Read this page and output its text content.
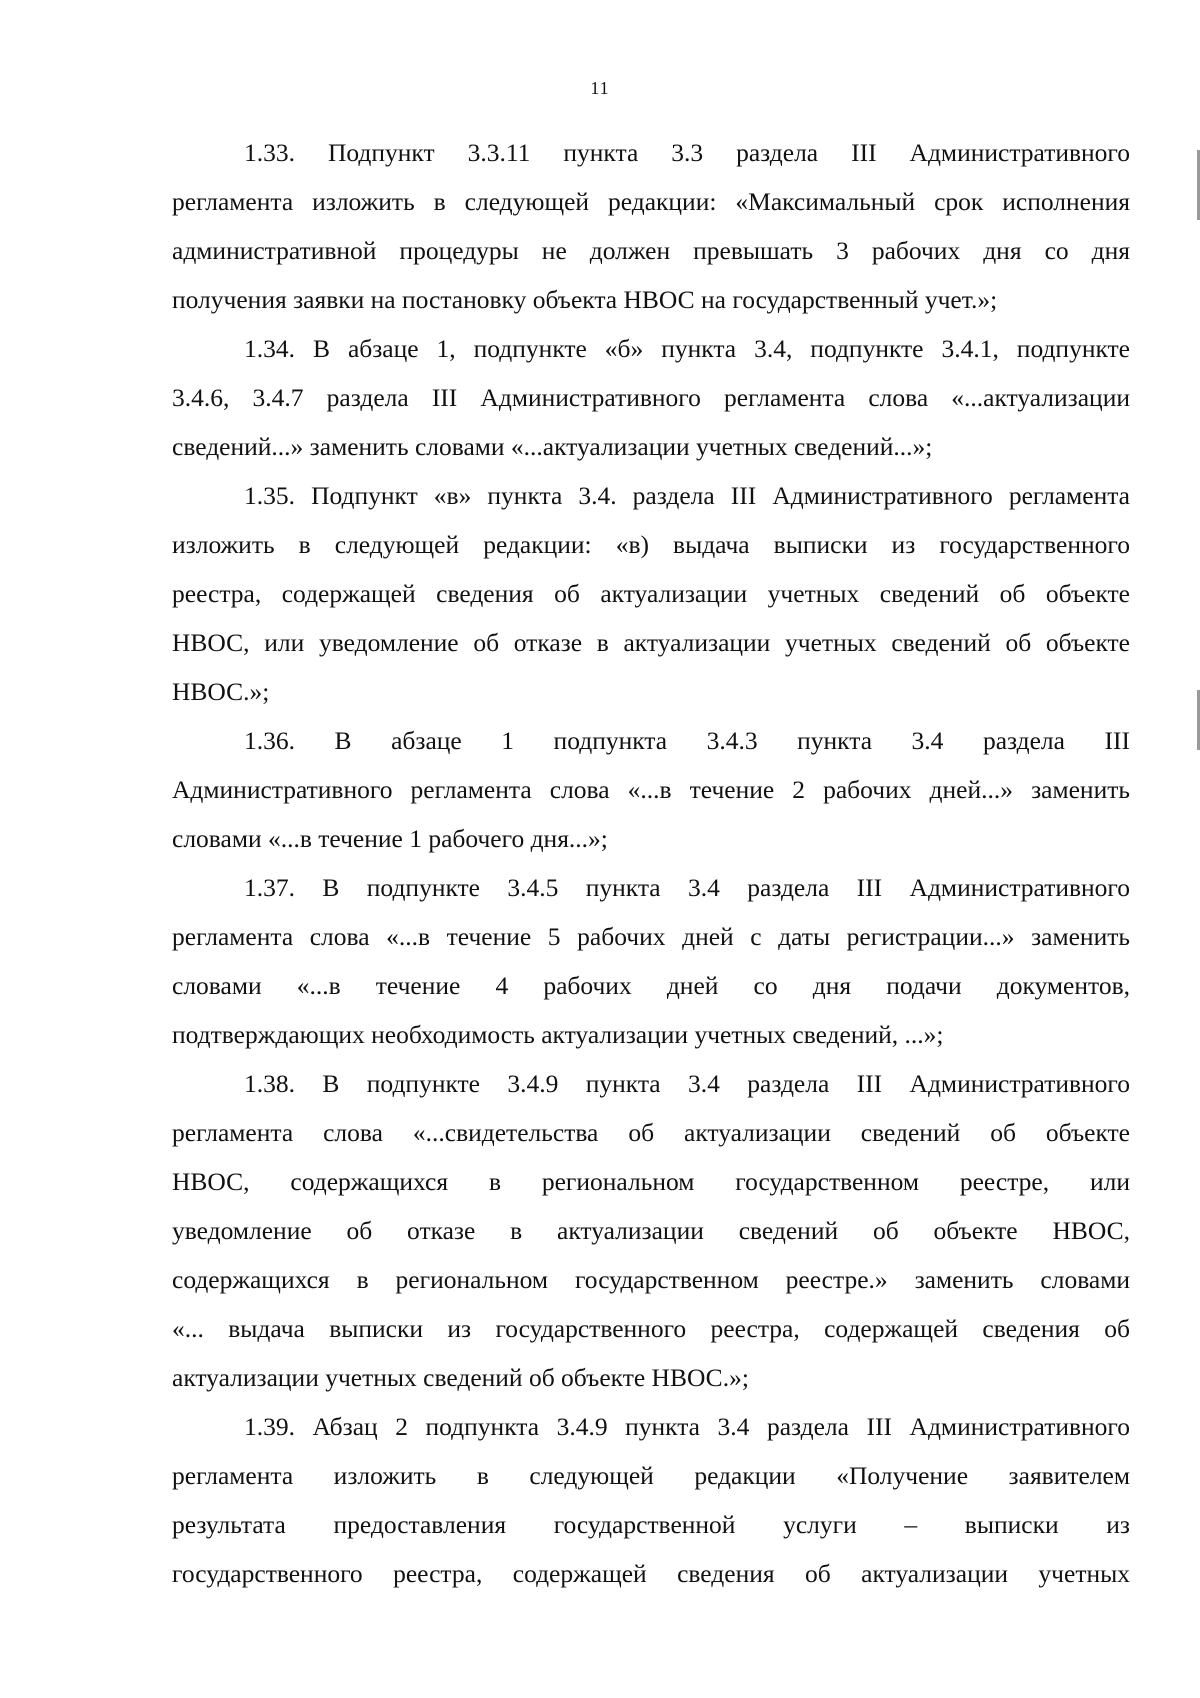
11

1.33. Подпункт 3.3.11 пункта 3.3 раздела III Административного
регламента изложить в следующей редакции: «Максимальный срок исполнения
административной процедуры не должен превышать 3 рабочих дня со дня
получения заявки на постановку объекта НВОС на государственный учет.»;

1.34. В абзаце 1, подпункте «б» пункта 3.4, подпункте 3.4.1, подпункте
3.4.6, 3.4.7 раздела III Административного регламента слова «...актуализации
сведений...» заменить словами «...актуализации учетных сведений...»;

1.35. Подпункт «в» пункта 3.4. раздела III Административного регламента
изложить в следующей редакции: «в) выдача выписки из государственного
реестра, содержащей сведения об актуализации учетных сведений об объекте
НВОС, или уведомление об отказе в актуализации учетных сведений об объекте
НВОС.»;

1.36. В абзаце 1 подпункта 3.4.3 пункта 3.4 раздела III
Административного регламента слова «...в течение 2 рабочих дней...» заменить
словами «...в течение 1 рабочего дня...»;

1.37. В подпункте 3.4.5 пункта 3.4 раздела III Административного
регламента слова «...в течение 5 рабочих дней с даты регистрации...» заменить
словами «...в течение 4 рабочих дней со дня подачи документов,
подтверждающих необходимость актуализации учетных сведений, ...»;

1.38. В подпункте 3.4.9 пункта 3.4 раздела III Административного
регламента слова «...свидетельства об актуализации сведений об объекте
НВОС, содержащихся в региональном государственном реестре, или
уведомление об отказе в актуализации сведений об объекте НВОС,
содержащихся в региональном государственном реестре.» заменить словами
«... выдача выписки из государственного реестра, содержащей сведения об
актуализации учетных сведений об объекте НВОС.»;

1.39. Абзац 2 подпункта 3.4.9 пункта 3.4 раздела III Административного
регламента изложить в следующей редакции «Получение заявителем
результата предоставления государственной услуги – выписки из
государственного реестра, содержащей сведения об актуализации учетных
